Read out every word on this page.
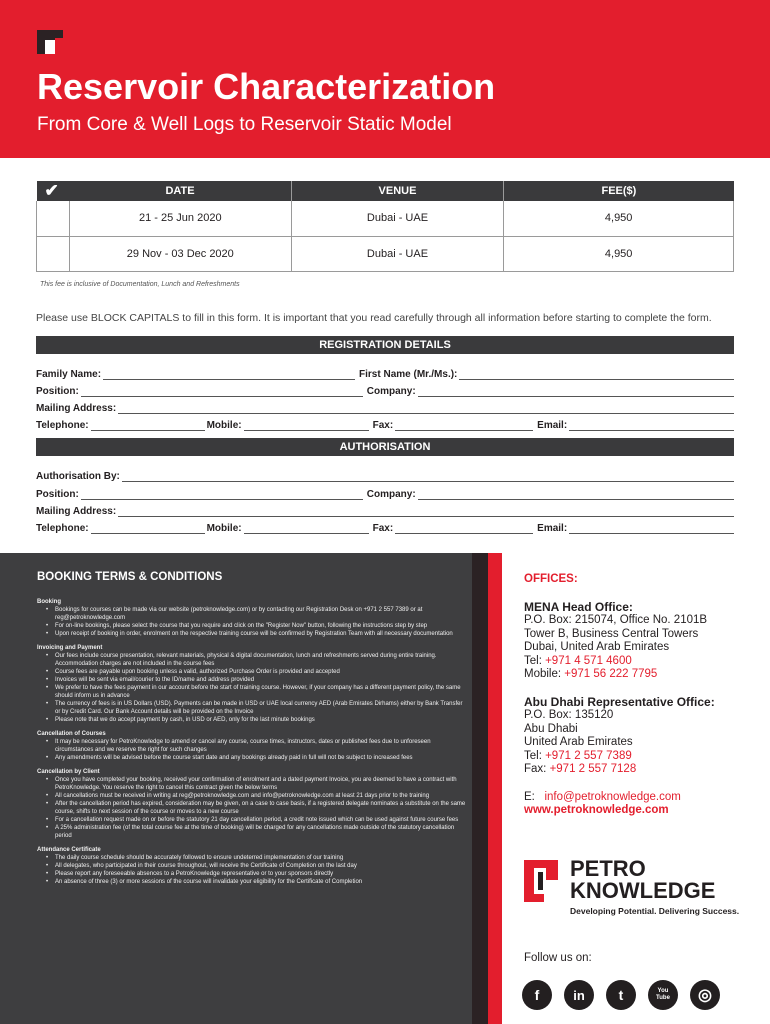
Reservoir Characterization
From Core & Well Logs to Reservoir Static Model
✔	DATE	VENUE	FEE($)
	21 - 25 Jun 2020	Dubai - UAE	4,950
	29 Nov - 03 Dec 2020	Dubai - UAE	4,950
This fee is inclusive of Documentation, Lunch and Refreshments
Please use BLOCK CAPITALS to fill in this form. It is important that you read carefully through all information before starting to complete the form.
REGISTRATION DETAILS
Family Name:	First Name (Mr./Ms.):
Position:	Company:
Mailing Address:
Telephone:	Mobile:	Fax:	Email:
AUTHORISATION
Authorisation By:
Position:	Company:
Mailing Address:
Telephone:	Mobile:	Fax:	Email:
BOOKING TERMS & CONDITIONS
Booking
• Bookings for courses can be made via our website (petroknowledge.com) or by contacting our Registration Desk on +971 2 557 7389 or at reg@petroknowledge.com
• For on-line bookings, please select the course that you require and click on the "Register Now" button, following the instructions step by step
• Upon receipt of booking in order, enrolment on the respective training course will be confirmed by Registration Team with all necessary documentation
Invoicing and Payment
• Our fees include course presentation, relevant materials, physical & digital documentation, lunch and refreshments served during entire training. Accommodation charges are not included in the course fees
• Course fees are payable upon booking unless a valid, authorized Purchase Order is provided and accepted
• Invoices will be sent via email/courier to the ID/name and address provided
• We prefer to have the fees payment in our account before the start of training course. However, if your company has a different payment policy, the same should inform us in advance
• The currency of fees is in US Dollars (USD). Payments can be made in USD or UAE local currency AED (Arab Emirates Dirhams) either by Bank Transfer or by Credit Card. Our Bank Account details will be provided on the Invoice
• Please note that we do accept payment by cash, in USD or AED, only for the last minute bookings
Cancellation of Courses
• It may be necessary for PetroKnowledge to amend or cancel any course, course times, instructors, dates or published fees due to unforeseen circumstances and we reserve the right for such changes
• Any amendments will be advised before the course start date and any bookings already paid in full will not be subject to increased fees
Cancellation by Client
• Once you have completed your booking, received your confirmation of enrolment and a dated payment Invoice, you are deemed to have a contract with PetroKnowledge. You reserve the right to cancel this contract given the below terms
• All cancellations must be received in writing at reg@petroknowledge.com and info@petroknowledge.com at least 21 days prior to the training
• After the cancellation period has expired, consideration may be given, on a case to case basis, if a registered delegate nominates a substitute on the same course, shifts to next session of the course or moves to a new course
• For a cancellation request made on or before the statutory 21 day cancellation period, a credit note issued which can be used against future course fees
• A 25% administration fee (of the total course fee at the time of booking) will be charged for any cancellations made outside of the statutory cancellation period
Attendance Certificate
• The daily course schedule should be accurately followed to ensure undeterred implementation of our training
• All delegates, who participated in their course throughout, will receive the Certificate of Completion on the last day
• Please report any foreseeable absences to a PetroKnowledge representative or to your sponsors directly
• An absence of three (3) or more sessions of the course will invalidate your eligibility for the Certificate of Completion
OFFICES:
MENA Head Office:
P.O. Box: 215074, Office No. 2101B
Tower B, Business Central Towers
Dubai, United Arab Emirates
Tel: +971 4 571 4600
Mobile: +971 56 222 7795
Abu Dhabi Representative Office:
P.O. Box: 135120
Abu Dhabi
United Arab Emirates
Tel: +971 2 557 7389
Fax: +971 2 557 7128
E: info@petroknowledge.com
www.petroknowledge.com
PETRO
KNOWLEDGE
Developing Potential. Delivering Success.
Follow us on:
f	in	t	You Tube	◎
